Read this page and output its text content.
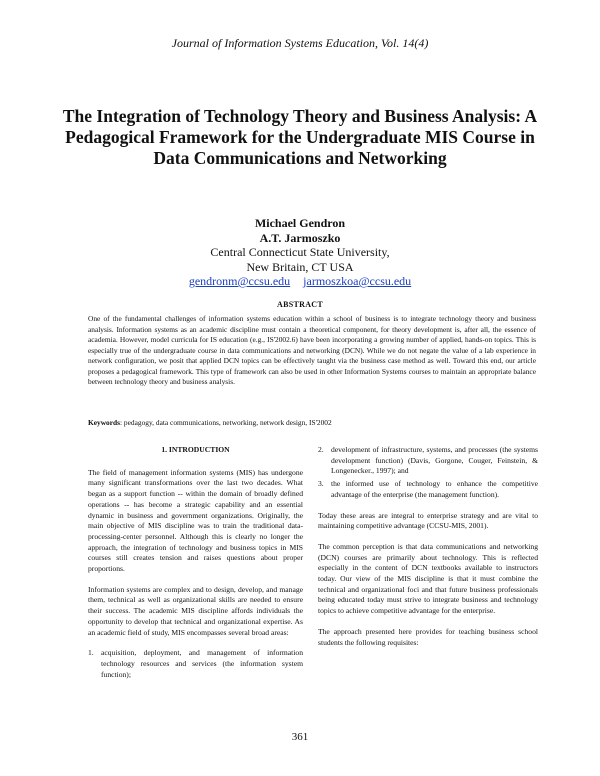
Journal of Information Systems Education, Vol. 14(4)
The Integration of Technology Theory and Business Analysis: A Pedagogical Framework for the Undergraduate MIS Course in Data Communications and Networking
Michael Gendron
A.T. Jarmoszko
Central Connecticut State University,
New Britain, CT USA
gendronm@ccsu.edu jarmoszkoa@ccsu.edu
ABSTRACT
One of the fundamental challenges of information systems education within a school of business is to integrate technology theory and business analysis. Information systems as an academic discipline must contain a theoretical component, for theory development is, after all, the essence of academia. However, model curricula for IS education (e.g., IS'2002.6) have been incorporating a growing number of applied, hands-on topics. This is especially true of the undergraduate course in data communications and networking (DCN). While we do not negate the value of a lab experience in network configuration, we posit that applied DCN topics can be effectively taught via the business case method as well. Toward this end, our article proposes a pedagogical framework. This type of framework can also be used in other Information Systems courses to maintain an appropriate balance between technology theory and business analysis.
Keywords: pedagogy, data communications, networking, network design, IS'2002
1. INTRODUCTION

The field of management information systems (MIS) has undergone many significant transformations over the last two decades. What began as a support function -- within the domain of broadly defined operations -- has become a strategic capability and an essential dynamic in business and government organizations. Originally, the main objective of MIS discipline was to train the traditional data-processing-center personnel. Although this is clearly no longer the approach, the integration of technology and business topics in MIS courses still creates tension and raises questions about proper proportions.

Information systems are complex and to design, develop, and manage them, technical as well as organizational skills are needed to ensure their success. The academic MIS discipline affords individuals the opportunity to develop that technical and organizational expertise. As an academic field of study, MIS encompasses several broad areas:

1. acquisition, deployment, and management of information technology resources and services (the information system function);
2. development of infrastructure, systems, and processes (the systems development function) (Davis, Gorgone, Couger, Feinstein, & Longenecker., 1997); and
3. the informed use of technology to enhance the competitive advantage of the enterprise (the management function).

Today these areas are integral to enterprise strategy and are vital to maintaining competitive advantage (CCSU-MIS, 2001).

The common perception is that data communications and networking (DCN) courses are primarily about technology. This is reflected especially in the content of DCN textbooks available to instructors today. Our view of the MIS discipline is that it must combine the technical and organizational foci and that future business professionals being educated today must strive to integrate business and technology topics to achieve competitive advantage for the enterprise.

The approach presented here provides for teaching business school students the following requisites:

361
